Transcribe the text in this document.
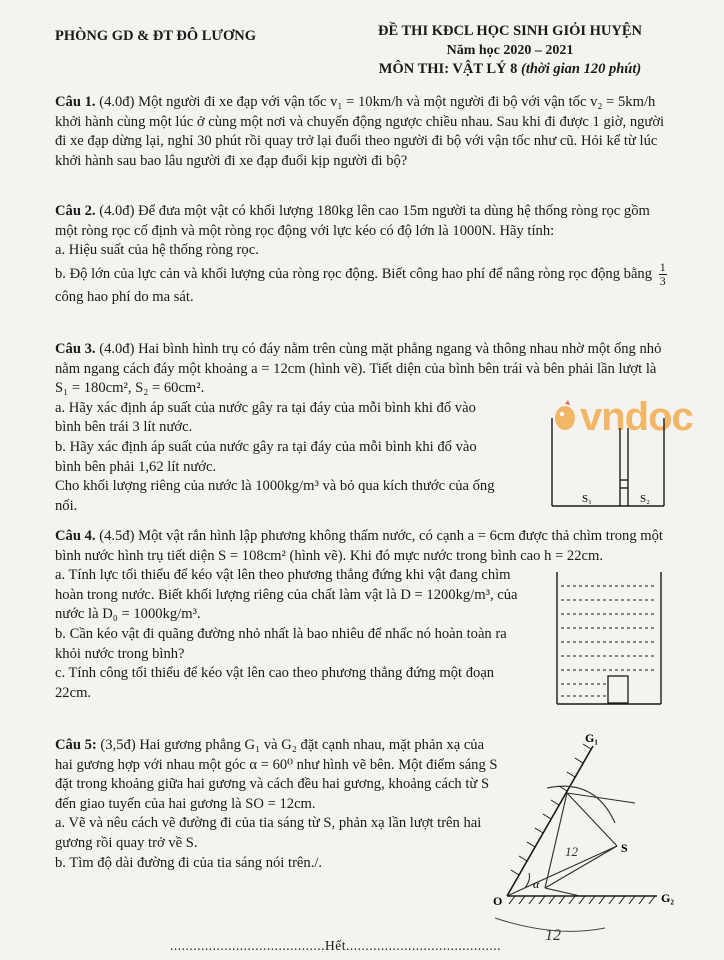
PHÒNG GD & ĐT ĐÔ LƯƠNG	ĐỀ THI KĐCL HỌC SINH GIỎI HUYỆN
Năm học 2020 – 2021
MÔN THI: VẬT LÝ 8 (thời gian 120 phút)
vndoc

Câu 1. (4.0đ) Một người đi xe đạp với vận tốc v₁ = 10km/h và một người đi bộ với vận tốc v₂ = 5km/h khởi hành cùng một lúc ở cùng một nơi và chuyển động ngược chiều nhau. Sau khi đi được 1 giờ, người đi xe đạp dừng lại, nghỉ 30 phút rồi quay trở lại đuổi theo người đi bộ với vận tốc như cũ. Hỏi kể từ lúc khởi hành sau bao lâu người đi xe đạp đuổi kịp người đi bộ?

Câu 2. (4.0đ) Để đưa một vật có khối lượng 180kg lên cao 15m người ta dùng hệ thống ròng rọc gồm một ròng rọc cố định và một ròng rọc động với lực kéo có độ lớn là 1000N. Hãy tính:

a. Hiệu suất của hệ thống ròng rọc.

b. Độ lớn của lực cản và khối lượng của ròng rọc động. Biết công hao phí để nâng ròng rọc động bằng $\frac{1}{3}$
công hao phí do ma sát.

Câu 3. (4.0đ) Hai bình hình trụ có đáy nằm trên cùng mặt phẳng ngang và thông nhau nhờ một ống nhỏ nằm ngang cách đáy một khoảng a = 12cm (hình vẽ). Tiết diện của bình bên trái và bên phải lần lượt là S₁ = 180cm², S₂ = 60cm².

a. Hãy xác định áp suất của nước gây ra tại đáy của mỗi bình khi đổ vào bình bên trái 3 lít nước.

b. Hãy xác định áp suất của nước gây ra tại đáy của mỗi bình khi đổ vào bình bên phải 1,62 lít nước.

Cho khối lượng riêng của nước là 1000kg/m³ và bỏ qua kích thước của ống nối.	S₁	S₂

Câu 4. (4.5đ) Một vật rắn hình lập phương không thấm nước, có cạnh a = 6cm được thả chìm trong một bình nước hình trụ tiết diện S = 108cm² (hình vẽ). Khi đó mực nước trong bình cao h = 22cm.

a. Tính lực tối thiểu để kéo vật lên theo phương thẳng đứng khi vật đang chìm hoàn trong nước. Biết khối lượng riêng của chất làm vật là D = 1200kg/m³, của nước là D₀ = 1000kg/m³.

b. Cần kéo vật đi quãng đường nhỏ nhất là bao nhiêu để nhấc nó hoàn toàn ra khỏi nước trong bình?

c. Tính công tối thiểu để kéo vật lên cao theo phương thẳng đứng một đoạn 22cm.

Câu 5: (3,5đ) Hai gương phẳng G₁ và G₂ đặt cạnh nhau, mặt phản xạ của hai gương hợp với nhau một góc α = 60⁰ như hình vẽ bên. Một điểm sáng S đặt trong khoảng giữa hai gương và cách đều hai gương, khoảng cách từ S đến giao tuyến của hai gương là SO = 12cm.

a. Vẽ và nêu cách vẽ đường đi của tia sáng từ S, phản xạ lần lượt trên hai gương rồi quay trở về S.

b. Tìm độ dài đường đi của tia sáng nói trên./.

G₁
G₂
O
S
α
12
12
........................................Hết........................................
